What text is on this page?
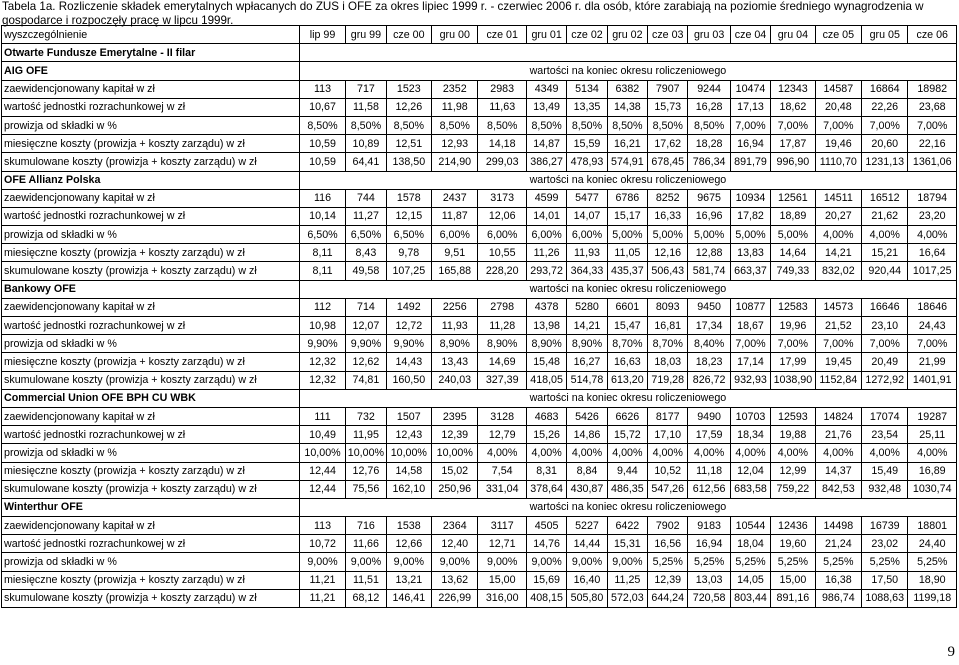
Tabela 1a. Rozliczenie składek emerytalnych wpłacanych do ZUS i OFE za okres lipiec 1999 r. - czerwiec 2006 r. dla osób, które zarabiają na poziomie średniego wynagrodzenia w gospodarce i rozpoczęły pracę w lipcu 1999r.
wyszczególnienie	lip 99	gru 99	cze 00	gru 00	cze 01	gru 01	cze 02	gru 02	cze 03	gru 03	cze 04	gru 04	cze 05	gru 05	cze 06
Otwarte Fundusze Emerytalne - II filar															
AIG OFE	wartości na koniec okresu roliczeniowego														
zaewidencjonowany kapitał w zł	113	717	1523	2352	2983	4349	5134	6382	7907	9244	10474	12343	14587	16864	18982
wartość jednostki rozrachunkowej w zł	10,67	11,58	12,26	11,98	11,63	13,49	13,35	14,38	15,73	16,28	17,13	18,62	20,48	22,26	23,68
prowizja od składki w %	8,50%	8,50%	8,50%	8,50%	8,50%	8,50%	8,50%	8,50%	8,50%	8,50%	7,00%	7,00%	7,00%	7,00%	7,00%
miesięczne koszty (prowizja + koszty zarządu) w zł	10,59	10,89	12,51	12,93	14,18	14,87	15,59	16,21	17,62	18,28	16,94	17,87	19,46	20,60	22,16
skumulowane koszty (prowizja + koszty zarządu) w zł	10,59	64,41	138,50	214,90	299,03	386,27	478,93	574,91	678,45	786,34	891,79	996,90	1110,70	1231,13	1361,06
OFE Allianz Polska	wartości na koniec okresu roliczeniowego														
zaewidencjonowany kapitał w zł	116	744	1578	2437	3173	4599	5477	6786	8252	9675	10934	12561	14511	16512	18794
wartość jednostki rozrachunkowej w zł	10,14	11,27	12,15	11,87	12,06	14,01	14,07	15,17	16,33	16,96	17,82	18,89	20,27	21,62	23,20
prowizja od składki w %	6,50%	6,50%	6,50%	6,00%	6,00%	6,00%	6,00%	5,00%	5,00%	5,00%	5,00%	5,00%	4,00%	4,00%	4,00%
miesięczne koszty (prowizja + koszty zarządu) w zł	8,11	8,43	9,78	9,51	10,55	11,26	11,93	11,05	12,16	12,88	13,83	14,64	14,21	15,21	16,64
skumulowane koszty (prowizja + koszty zarządu) w zł	8,11	49,58	107,25	165,88	228,20	293,72	364,33	435,37	506,43	581,74	663,37	749,33	832,02	920,44	1017,25
Bankowy OFE	wartości na koniec okresu roliczeniowego														
zaewidencjonowany kapitał w zł	112	714	1492	2256	2798	4378	5280	6601	8093	9450	10877	12583	14573	16646	18646
wartość jednostki rozrachunkowej w zł	10,98	12,07	12,72	11,93	11,28	13,98	14,21	15,47	16,81	17,34	18,67	19,96	21,52	23,10	24,43
prowizja od składki w %	9,90%	9,90%	9,90%	8,90%	8,90%	8,90%	8,90%	8,70%	8,70%	8,40%	7,00%	7,00%	7,00%	7,00%	7,00%
miesięczne koszty (prowizja + koszty zarządu) w zł	12,32	12,62	14,43	13,43	14,69	15,48	16,27	16,63	18,03	18,23	17,14	17,99	19,45	20,49	21,99
skumulowane koszty (prowizja + koszty zarządu) w zł	12,32	74,81	160,50	240,03	327,39	418,05	514,78	613,20	719,28	826,72	932,93	1038,90	1152,84	1272,92	1401,91
Commercial Union OFE BPH CU WBK	wartości na koniec okresu roliczeniowego														
zaewidencjonowany kapitał w zł	111	732	1507	2395	3128	4683	5426	6626	8177	9490	10703	12593	14824	17074	19287
wartość jednostki rozrachunkowej w zł	10,49	11,95	12,43	12,39	12,79	15,26	14,86	15,72	17,10	17,59	18,34	19,88	21,76	23,54	25,11
prowizja od składki w %	10,00%	10,00%	10,00%	10,00%	4,00%	4,00%	4,00%	4,00%	4,00%	4,00%	4,00%	4,00%	4,00%	4,00%	4,00%
miesięczne koszty (prowizja + koszty zarządu) w zł	12,44	12,76	14,58	15,02	7,54	8,31	8,84	9,44	10,52	11,18	12,04	12,99	14,37	15,49	16,89
skumulowane koszty (prowizja + koszty zarządu) w zł	12,44	75,56	162,10	250,96	331,04	378,64	430,87	486,35	547,26	612,56	683,58	759,22	842,53	932,48	1030,74
Winterthur OFE	wartości na koniec okresu roliczeniowego														
zaewidencjonowany kapitał w zł	113	716	1538	2364	3117	4505	5227	6422	7902	9183	10544	12436	14498	16739	18801
wartość jednostki rozrachunkowej w zł	10,72	11,66	12,66	12,40	12,71	14,76	14,44	15,31	16,56	16,94	18,04	19,60	21,24	23,02	24,40
prowizja od składki w %	9,00%	9,00%	9,00%	9,00%	9,00%	9,00%	9,00%	9,00%	5,25%	5,25%	5,25%	5,25%	5,25%	5,25%	5,25%
miesięczne koszty (prowizja + koszty zarządu) w zł	11,21	11,51	13,21	13,62	15,00	15,69	16,40	11,25	12,39	13,03	14,05	15,00	16,38	17,50	18,90
skumulowane koszty (prowizja + koszty zarządu) w zł	11,21	68,12	146,41	226,99	316,00	408,15	505,80	572,03	644,24	720,58	803,44	891,16	986,74	1088,63	1199,18
9
